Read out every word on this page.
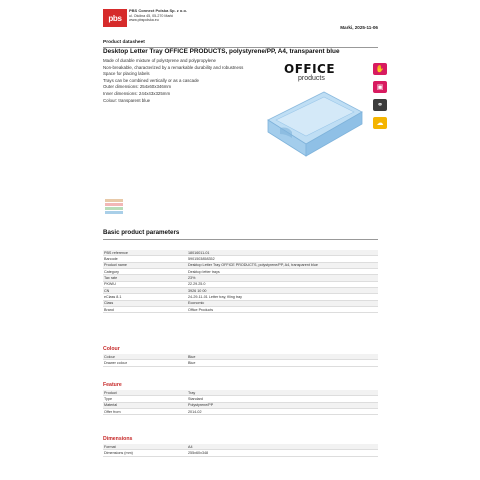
pbs
PBS Connect Polska Sp. z o.o.
ul. Okólna 45, 05-270 Marki
www.pbspolska.eu
Marki, 2025-11-06
Product datasheet
Desktop Letter Tray OFFICE PRODUCTS, polystyrene/PP, A4, transparent blue
Made of durable mixture of polystyrene and polypropylene
Non-breakable, characterized by a remarkable durability and robustness
Space for placing labels
Trays can be combined vertically or as a cascade
Outer dimensions: 254x60x346mm
Inner dimensions: 244x43x325mm
Colour: transparent blue
OFFICE
products
✋
▣
⚭
☁
Basic product parameters
PBS reference	18016011-01
Barcode	5901503858352
Product name	Desktop Letter Tray OFFICE PRODUCTS, polystyrene/PP, A4, transparent blue
Category	Desktop letter trays
Tax rate	23%
PKWiU	22.29.25.0
CN	3926 10 00
eClass 8.1	24-29-11-01 Letter tray, filing tray
Class	Economic
Brand	Office Products
Colour
Colour	Blue
Drawer colour	Blue
Feature
Product	Tray
Type	Standard
Material	Polystyrene/PP
Offer from	2014-02
Dimensions
Format	A4
Dimensions (mm)	255x60x348
